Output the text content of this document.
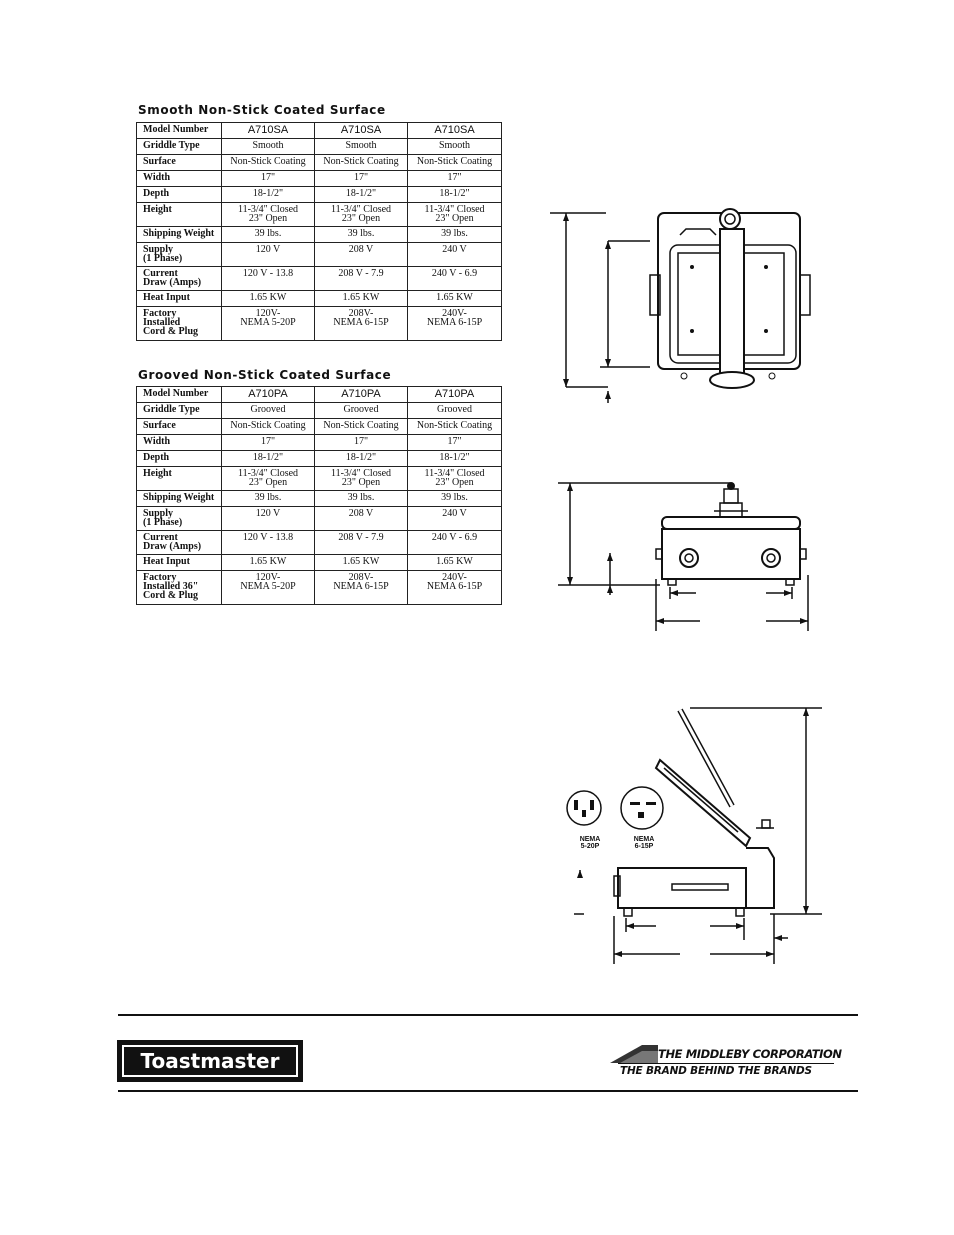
Smooth Non-Stick Coated Surface
Model Number	A710SA	A710SA	A710SA

Griddle Type	Smooth	Smooth	Smooth

Surface	Non-Stick Coating	Non-Stick Coating	Non-Stick Coating

Width	17"	17"	17"

Depth	18-1/2"	18-1/2"	18-1/2"

Height	11-3/4" Closed
23" Open	11-3/4" Closed
23" Open	11-3/4" Closed
23" Open

Shipping Weight	39 lbs.	39 lbs.	39 lbs.

Supply
(1 Phase)	120 V	208 V	240 V

Current
Draw (Amps)	120 V - 13.8	208 V - 7.9	240 V - 6.9

Heat Input	1.65 KW	1.65 KW	1.65 KW

Factory
Installed
Cord & Plug	120V-
NEMA 5-20P	208V-
NEMA 6-15P	240V-
NEMA 6-15P
Grooved Non-Stick Coated Surface
Model Number	A710PA	A710PA	A710PA

Griddle Type	Grooved	Grooved	Grooved

Surface	Non-Stick Coating	Non-Stick Coating	Non-Stick Coating

Width	17"	17"	17"

Depth	18-1/2"	18-1/2"	18-1/2"

Height	11-3/4" Closed
23" Open	11-3/4" Closed
23" Open	11-3/4" Closed
23" Open

Shipping Weight	39 lbs.	39 lbs.	39 lbs.

Supply
(1 Phase)	120 V	208 V	240 V

Current
Draw (Amps)	120 V - 13.8	208 V - 7.9	240 V - 6.9

Heat Input	1.65 KW	1.65 KW	1.65 KW

Factory
Installed 36"
Cord & Plug	120V-
NEMA 5-20P	208V-
NEMA 6-15P	240V-
NEMA 6-15P
NEMA
5-20P
NEMA
6-15P
Toastmaster	THE MIDDLEBY CORPORATION
THE BRAND BEHIND THE BRANDS
